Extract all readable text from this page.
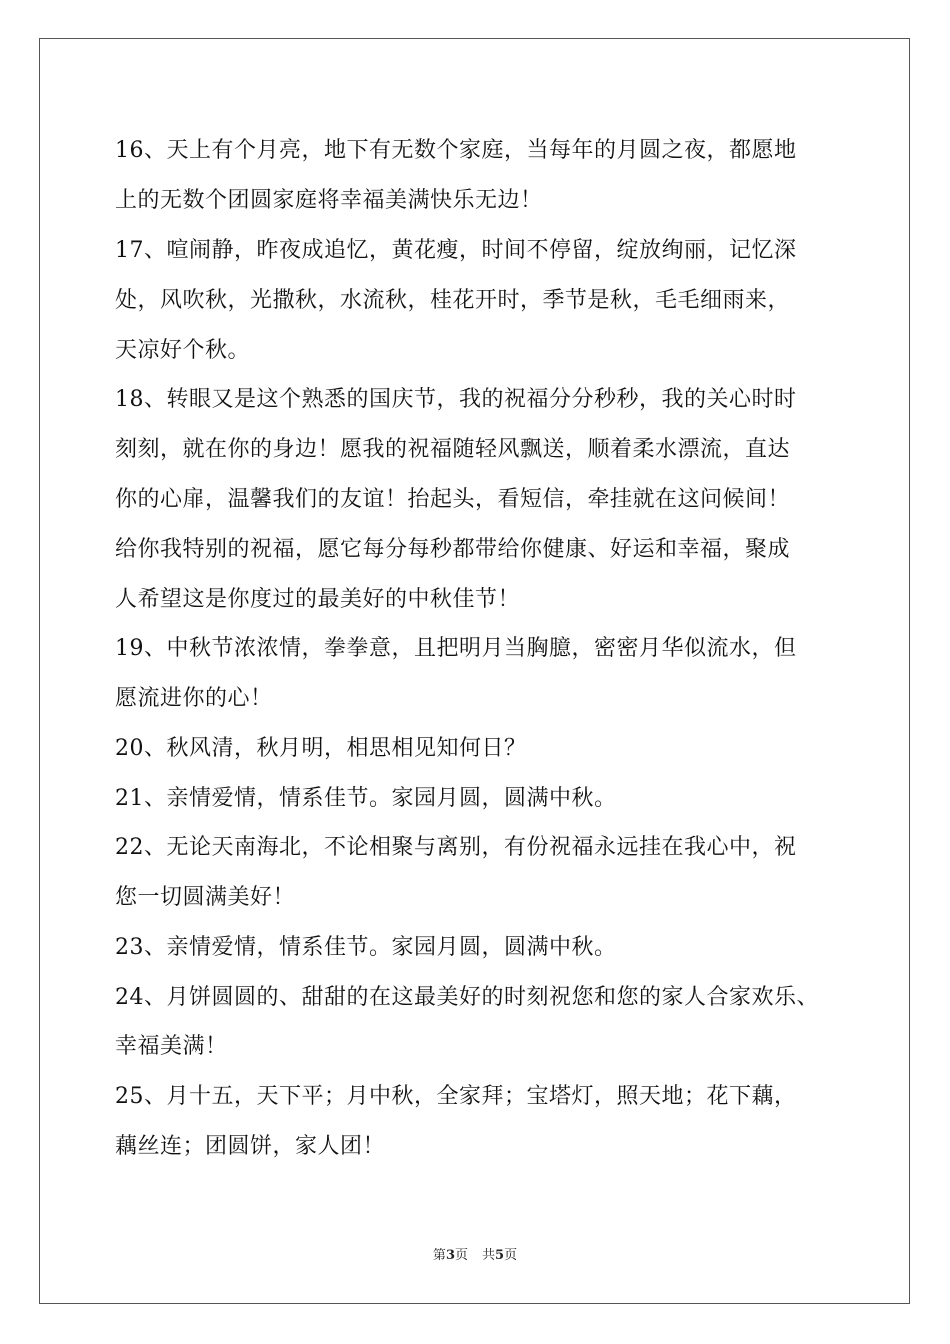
16、天上有个月亮，地下有无数个家庭，当每年的月圆之夜，都愿地
上的无数个团圆家庭将幸福美满快乐无边！
17、喧闹静，昨夜成追忆，黄花瘦，时间不停留，绽放绚丽，记忆深
处，风吹秋，光撒秋，水流秋，桂花开时，季节是秋，毛毛细雨来，
天凉好个秋。
18、转眼又是这个熟悉的国庆节，我的祝福分分秒秒，我的关心时时
刻刻，就在你的身边！愿我的祝福随轻风飘送，顺着柔水漂流，直达
你的心扉，温馨我们的友谊！抬起头，看短信，牵挂就在这问候间！
给你我特别的祝福，愿它每分每秒都带给你健康、好运和幸福，聚成
人希望这是你度过的最美好的中秋佳节！
19、中秋节浓浓情，拳拳意，且把明月当胸臆，密密月华似流水，但
愿流进你的心！
20、秋风清，秋月明，相思相见知何日？
21、亲情爱情，情系佳节。家园月圆，圆满中秋。
22、无论天南海北，不论相聚与离别，有份祝福永远挂在我心中，祝
您一切圆满美好！
23、亲情爱情，情系佳节。家园月圆，圆满中秋。
24、月饼圆圆的、甜甜的在这最美好的时刻祝您和您的家人合家欢乐、
幸福美满！
25、月十五，天下平；月中秋，全家拜；宝塔灯，照天地；花下藕，
藕丝连；团圆饼，家人团！
第3页 共5页
